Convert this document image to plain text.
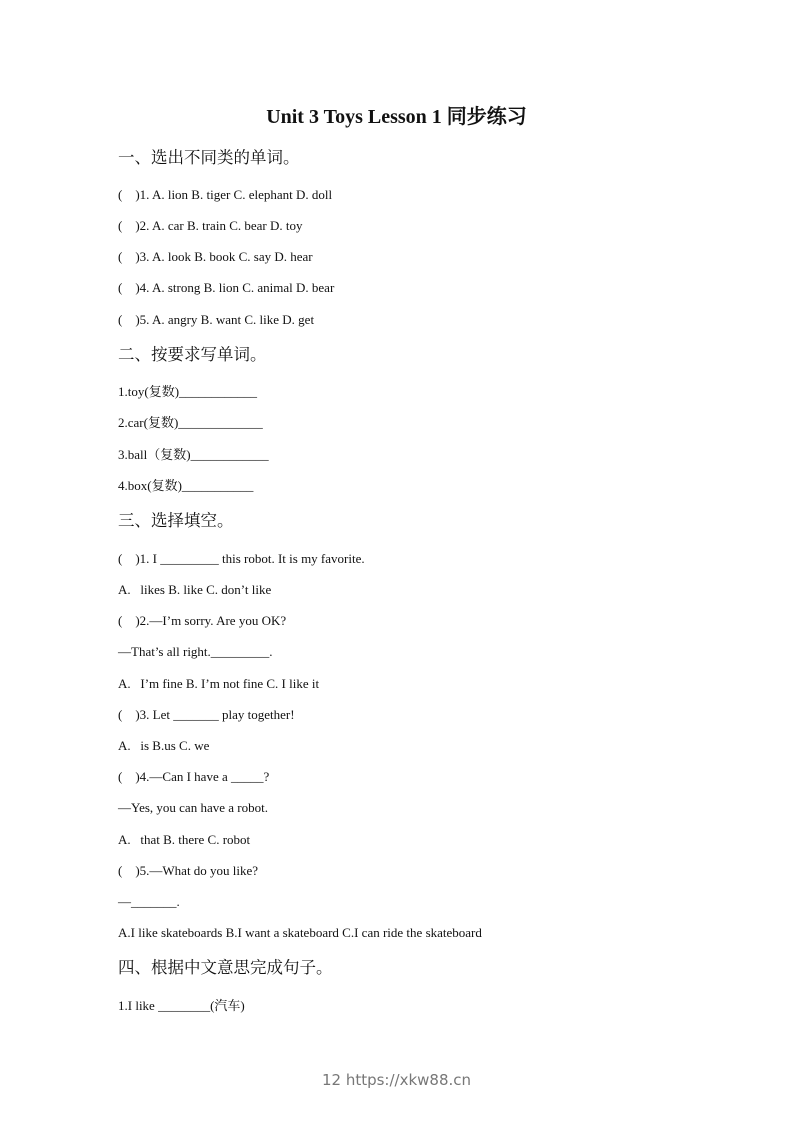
Unit 3 Toys Lesson 1 同步练习
一、选出不同类的单词。
(    )1. A. lion B. tiger C. elephant D. doll
(    )2. A. car B. train C. bear D. toy
(    )3. A. look B. book C. say D. hear
(    )4. A. strong B. lion C. animal D. bear
(    )5. A. angry B. want C. like D. get
二、按要求写单词。
1.toy(复数)____________
2.car(复数)_____________
3.ball（复数)____________
4.box(复数)___________
三、选择填空。
(    )1. I _________ this robot. It is my favorite.
A.   likes B. like C. don’t like
(    )2.—I’m sorry. Are you OK?
—That’s all right._________.
A.   I’m fine B. I’m not fine C. I like it
(    )3. Let _______ play together!
A.   is B.us C. we
(    )4.—Can I have a _____?
—Yes, you can have a robot.
A.   that B. there C. robot
(    )5.—What do you like?
—_______.
A.I like skateboards B.I want a skateboard C.I can ride the skateboard
四、根据中文意思完成句子。
1.I like ________(汽车)
12 https://xkw88.cn
